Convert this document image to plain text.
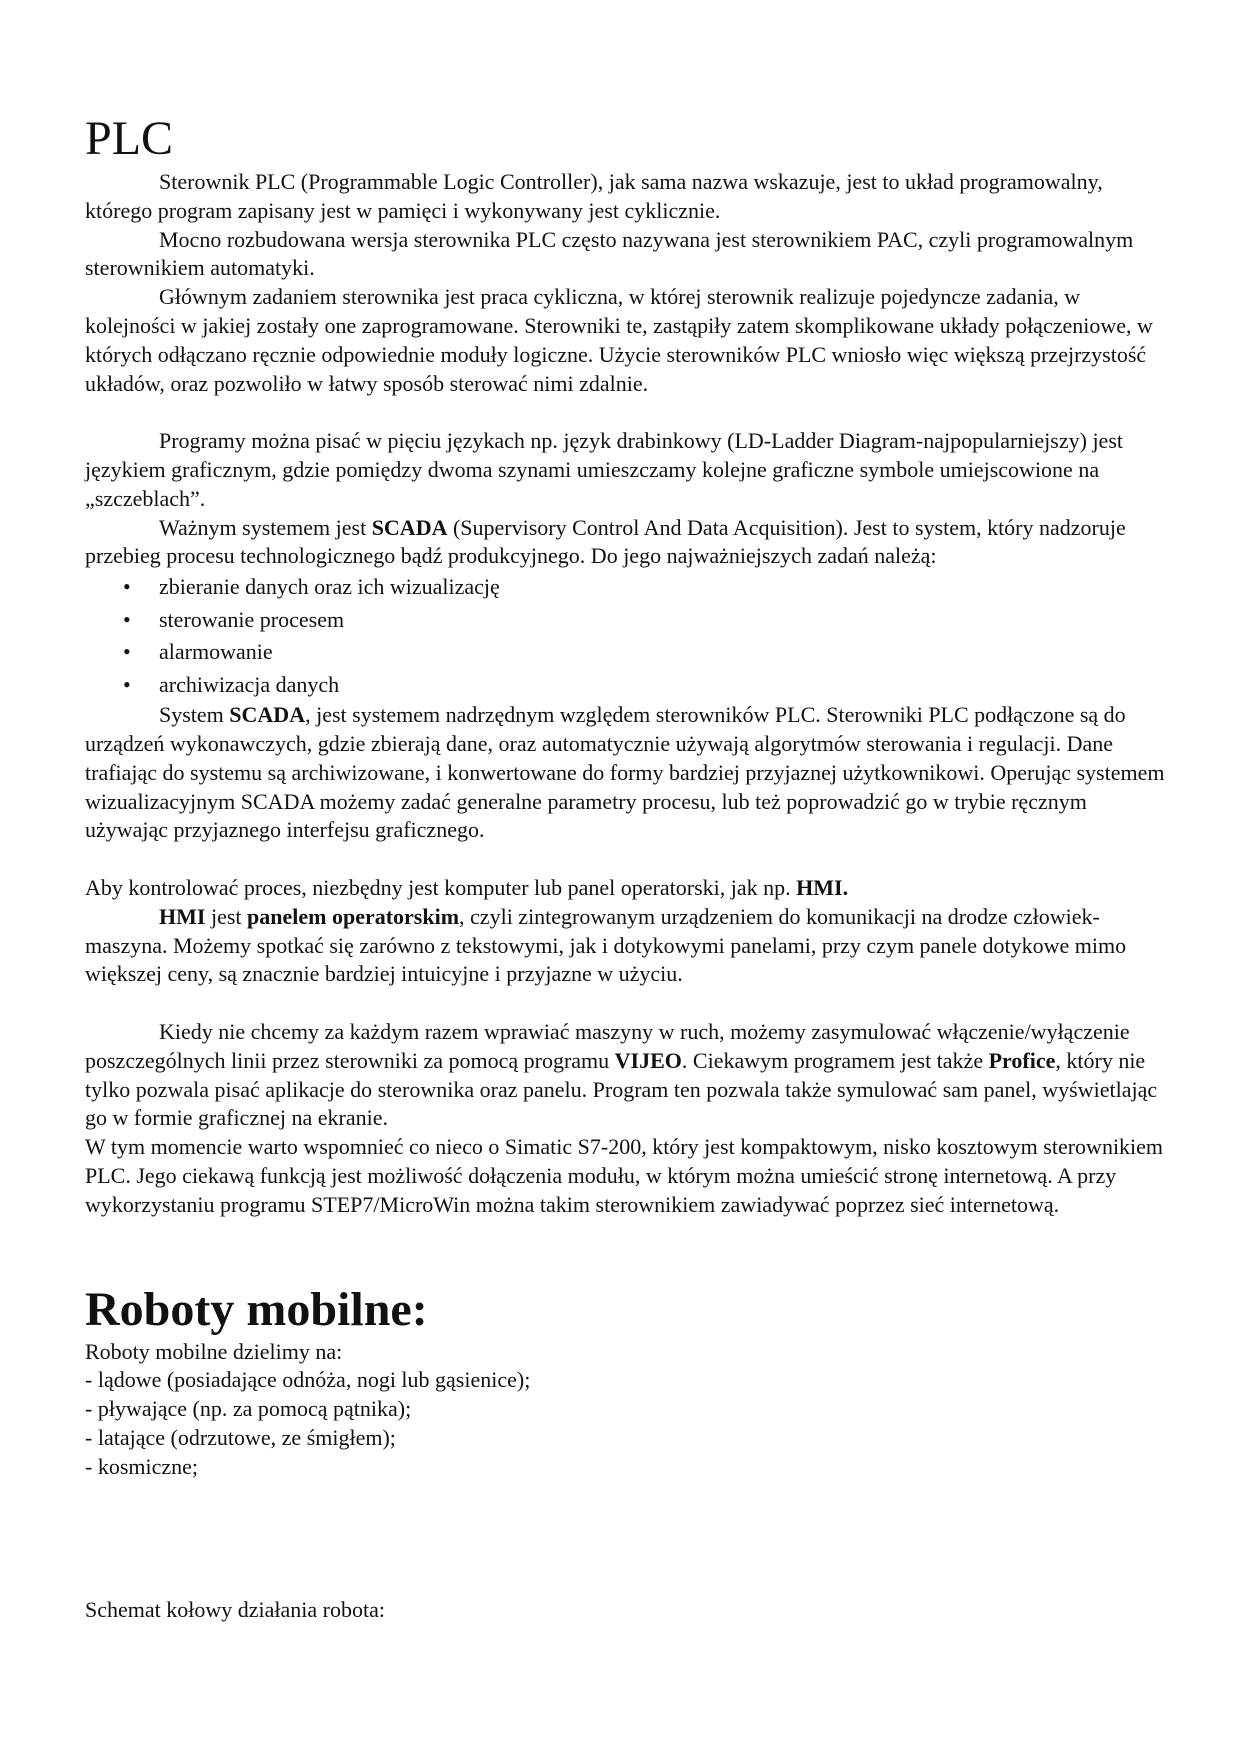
PLC

Sterownik PLC (Programmable Logic Controller), jak sama nazwa wskazuje, jest to układ programowalny, którego program zapisany jest w pamięci i wykonywany jest cyklicznie.

Mocno rozbudowana wersja sterownika PLC często nazywana jest sterownikiem PAC, czyli programowalnym sterownikiem automatyki.

Głównym zadaniem sterownika jest praca cykliczna, w której sterownik realizuje pojedyncze zadania, w kolejności w jakiej zostały one zaprogramowane. Sterowniki te, zastąpiły zatem skomplikowane układy połączeniowe, w których odłączano ręcznie odpowiednie moduły logiczne. Użycie sterowników PLC wniosło więc większą przejrzystość układów, oraz pozwoliło w łatwy sposób sterować nimi zdalnie.

Programy można pisać w pięciu językach np. język drabinkowy (LD-Ladder Diagram-najpopularniejszy) jest językiem graficznym, gdzie pomiędzy dwoma szynami umieszczamy kolejne graficzne symbole umiejscowione na „szczeblach”.

Ważnym systemem jest SCADA (Supervisory Control And Data Acquisition). Jest to system, który nadzoruje przebieg procesu technologicznego bądź produkcyjnego. Do jego najważniejszych zadań należą:

• zbieranie danych oraz ich wizualizację
• sterowanie procesem
• alarmowanie
• archiwizacja danych

System SCADA, jest systemem nadrzędnym względem sterowników PLC. Sterowniki PLC podłączone są do urządzeń wykonawczych, gdzie zbierają dane, oraz automatycznie używają algorytmów sterowania i regulacji. Dane trafiając do systemu są archiwizowane, i konwertowane do formy bardziej przyjaznej użytkownikowi. Operując systemem wizualizacyjnym SCADA możemy zadać generalne parametry procesu, lub też poprowadzić go w trybie ręcznym używając przyjaznego interfejsu graficznego.

Aby kontrolować proces, niezbędny jest komputer lub panel operatorski, jak np. HMI.

HMI jest panelem operatorskim, czyli zintegrowanym urządzeniem do komunikacji na drodze człowiek-maszyna. Możemy spotkać się zarówno z tekstowymi, jak i dotykowymi panelami, przy czym panele dotykowe mimo większej ceny, są znacznie bardziej intuicyjne i przyjazne w użyciu.

Kiedy nie chcemy za każdym razem wprawiać maszyny w ruch, możemy zasymulować włączenie/wyłączenie poszczególnych linii przez sterowniki za pomocą programu VIJEO. Ciekawym programem jest także Proficе, który nie tylko pozwala pisać aplikacje do sterownika oraz panelu. Program ten pozwala także symulować sam panel, wyświetlając go w formie graficznej na ekranie.

W tym momencie warto wspomnieć co nieco o Simatic S7-200, który jest kompaktowym, nisko kosztowym sterownikiem PLC. Jego ciekawą funkcją jest możliwość dołączenia modułu, w którym można umieścić stronę internetową. A przy wykorzystaniu programu STEP7/MicroWin można takim sterownikiem zawiadywać poprzez sieć internetową.

Roboty mobilne:

Roboty mobilne dzielimy na:

- lądowe (posiadające odnóża, nogi lub gąsienice);

- pływające (np. za pomocą pątnika);

- latające (odrzutowe, ze śmigłem);

- kosmiczne;

Schemat kołowy działania robota:
